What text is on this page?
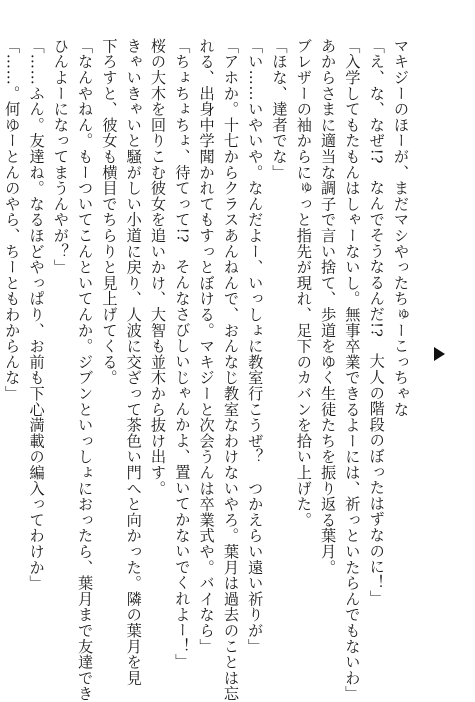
マキジーのほーが、まだマシやったちゅーこっちゃな
「え、な、なぜ!?　なんでそうなるんだ!?　大人の階段のぼったはずなのに！」
「入学してもたもんはしゃーないし。無事卒業できるよーには、祈っといたらんでもないわ」
あからさまに適当な調子で言い捨て、歩道をゆく生徒たちを振り返る葉月。
ブレザーの袖からにゅっと指先が現れ、足下のカバンを拾い上げた。
「ほな、達者でな」
「い……いやいや。なんだよー、いっしょに教室行こうぜ？　つかえらい遠い祈りが」
「アホか。十七からクラスあんねんで、おんなじ教室なわけないやろ。葉月は過去のことは忘
れる、出身中学聞かれてもすっとぼける。マキジーと次会うんは卒業式や。バイなら」
「ちょちょちょ、待てって!?　そんなさびしいじゃんかよ、置いてかないでくれよー！」
桜の大木を回りこむ彼女を追いかけ、大智も並木から抜け出す。
きゃいきゃいと騒がしい小道に戻り、人波に交ざって茶色い門へと向かった。隣の葉月を見
下ろすと、彼女も横目でちらりと見上げてくる。
「なんやねん。もーついてこんといてんか。ジブンといっしょにおったら、葉月まで友達でき
ひんよーになってまうんやが？」
「……ふん。友達ね。なるほどやっぱり、お前も下心満載の編入ってわけか」
「……。何ゆーとんのやら、ちーともわからんな」
